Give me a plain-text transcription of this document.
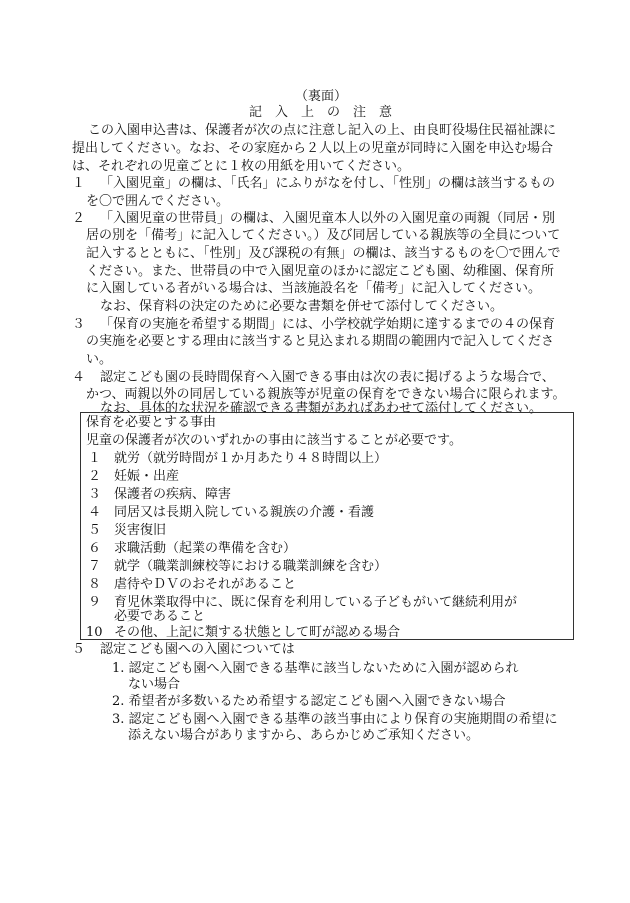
（裏面）
記　入　上　の　注　意
この入園申込書は、保護者が次の点に注意し記入の上、由良町役場住民福祉課に
提出してください。なお、その家庭から２人以上の児童が同時に入園を申込む場合
は、それぞれの児童ごとに１枚の用紙を用いてください。
１ 「入園児童」の欄は、「氏名」にふりがなを付し、「性別」の欄は該当するもの
を〇で囲んでください。
２ 「入園児童の世帯員」の欄は、入園児童本人以外の入園児童の両親（同居・別
居の別を「備考」に記入してください。）及び同居している親族等の全員について
記入するとともに、「性別」及び課税の有無」の欄は、該当するものを〇で囲んで
ください。また、世帯員の中で入園児童のほかに認定こども園、幼稚園、保育所
に入園している者がいる場合は、当該施設名を「備考」に記入してください。
なお、保育料の決定のために必要な書類を併せて添付してください。
３ 「保育の実施を希望する期間」には、小学校就学始期に達するまでの４の保育
の実施を必要とする理由に該当すると見込まれる期間の範囲内で記入してくださ
い。
４ 認定こども園の長時間保育へ入園できる事由は次の表に掲げるような場合で、
かつ、両親以外の同居している親族等が児童の保育をできない場合に限られます。
なお、具体的な状況を確認できる書類があればあわせて添付してください。
保育を必要とする事由
児童の保護者が次のいずれかの事由に該当することが必要です。
１ 就労（就労時間が１か月あたり４８時間以上）
２ 妊娠・出産
３ 保護者の疾病、障害
４ 同居又は長期入院している親族の介護・看護
５ 災害復旧
６ 求職活動（起業の準備を含む）
７ 就学（職業訓練校等における職業訓練を含む）
８ 虐待やＤＶのおそれがあること
９ 育児休業取得中に、既に保育を利用している子どもがいて継続利用が
必要であること
10 その他、上記に類する状態として町が認める場合
５ 認定こども園への入園については
1. 認定こども園へ入園できる基準に該当しないために入園が認められ
ない場合
2. 希望者が多数いるため希望する認定こども園へ入園できない場合
3. 認定こども園へ入園できる基準の該当事由により保育の実施期間の希望に
添えない場合がありますから、あらかじめご承知ください。
